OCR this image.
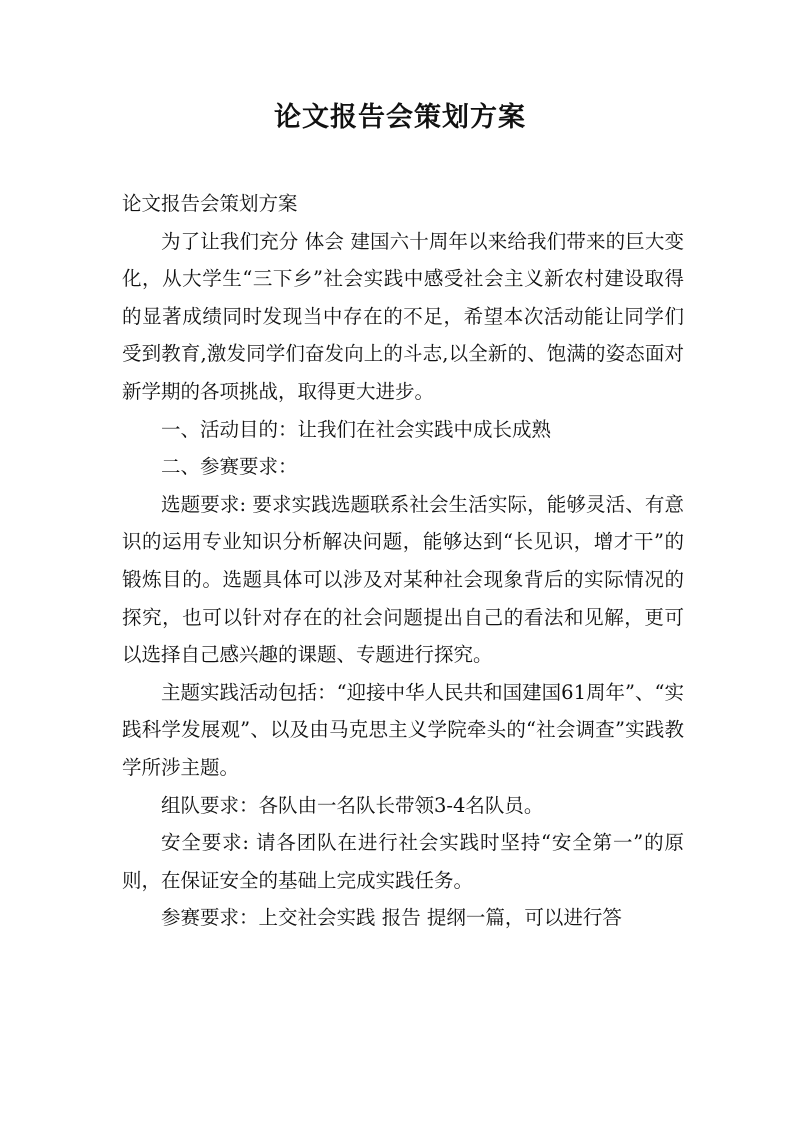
论文报告会策划方案

论文报告会策划方案

为了让我们充分 体会 建国六十周年以来给我们带来的巨大变化，从大学生“三下乡”社会实践中感受社会主义新农村建设取得的显著成绩同时发现当中存在的不足，希望本次活动能让同学们受到教育,激发同学们奋发向上的斗志,以全新的、饱满的姿态面对新学期的各项挑战，取得更大进步。

一、活动目的：让我们在社会实践中成长成熟

二、参赛要求：

选题要求: 要求实践选题联系社会生活实际，能够灵活、有意识的运用专业知识分析解决问题，能够达到“长见识，增才干”的锻炼目的。选题具体可以涉及对某种社会现象背后的实际情况的探究，也可以针对存在的社会问题提出自己的看法和见解，更可以选择自己感兴趣的课题、专题进行探究。

主题实践活动包括：“迎接中华人民共和国建国61周年”、“实践科学发展观”、以及由马克思主义学院牵头的“社会调查”实践教学所涉主题。

组队要求：各队由一名队长带领3-4名队员。

安全要求: 请各团队在进行社会实践时坚持“安全第一”的原则，在保证安全的基础上完成实践任务。

参赛要求：上交社会实践 报告 提纲一篇，可以进行答
